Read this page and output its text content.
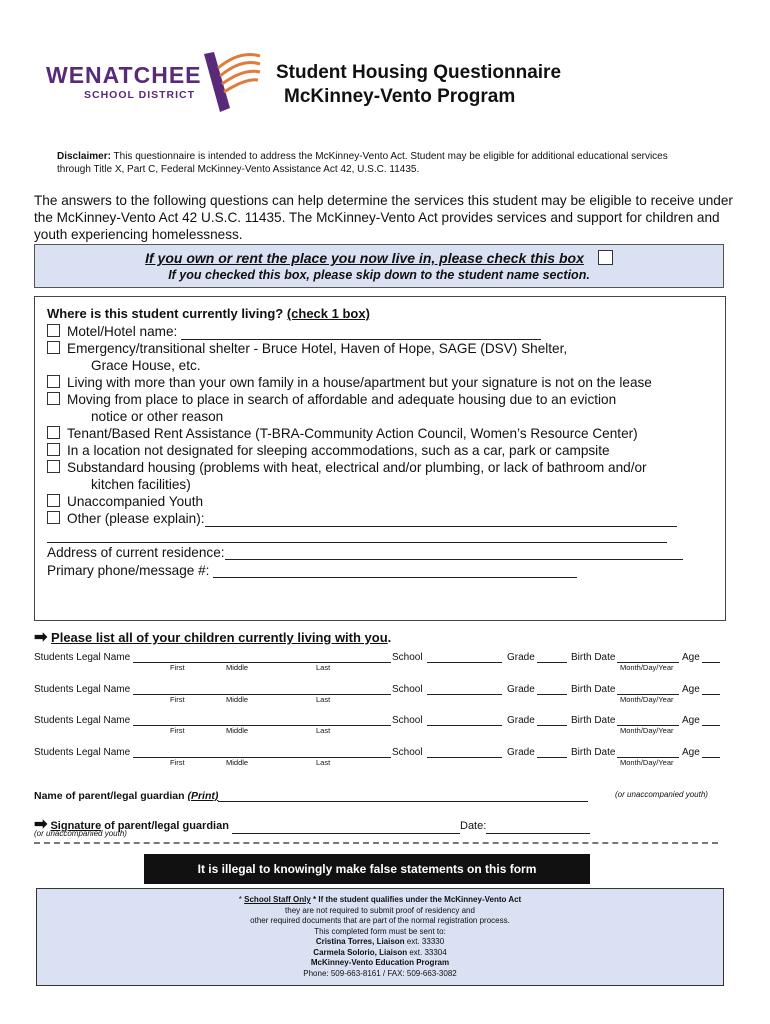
WENATCHEE
SCHOOL DISTRICT
Student Housing Questionnaire
McKinney-Vento Program
Disclaimer: This questionnaire is intended to address the McKinney-Vento Act. Student may be eligible for additional educational services through Title X, Part C, Federal McKinney-Vento Assistance Act 42, U.S.C. 11435.
The answers to the following questions can help determine the services this student may be eligible to receive under the McKinney-Vento Act 42 U.S.C. 11435. The McKinney-Vento Act provides services and support for children and youth experiencing homelessness.
If you own or rent the place you now live in, please check this box
If you checked this box, please skip down to the student name section.
Where is this student currently living? (check 1 box)
Motel/Hotel name:
Emergency/transitional shelter - Bruce Hotel, Haven of Hope, SAGE (DSV) Shelter,
Grace House, etc.
Living with more than your own family in a house/apartment but your signature is not on the lease
Moving from place to place in search of affordable and adequate housing due to an eviction
notice or other reason
Tenant/Based Rent Assistance (T-BRA-Community Action Council, Women’s Resource Center)
In a location not designated for sleeping accommodations, such as a car, park or campsite
Substandard housing (problems with heat, electrical and/or plumbing, or lack of bathroom and/or
kitchen facilities)
Unaccompanied Youth
Other (please explain):
Address of current residence:
Primary phone/message #:
➡ Please list all of your children currently living with you.
Students Legal Name
First	Middle	Last
School	Grade	Birth Date
Month/Day/Year
Age
Students Legal Name
First	Middle	Last
School	Grade	Birth Date
Month/Day/Year
Age
Students Legal Name
First	Middle	Last
School	Grade	Birth Date
Month/Day/Year
Age
Students Legal Name
First	Middle	Last
School	Grade	Birth Date
Month/Day/Year
Age
Name of parent/legal guardian (Print)	(or unaccompanied youth)
➡ Signature of parent/legal guardian	Date:
(or unaccompanied youth)
It is illegal to knowingly make false statements on this form
* School Staff Only * If the student qualifies under the McKinney-Vento Act
they are not required to submit proof of residency and
other required documents that are part of the normal registration process.
This completed form must be sent to:
Cristina Torres, Liaison ext. 33330
Carmela Solorio, Liaison ext. 33304
McKinney-Vento Education Program
Phone: 509-663-8161 / FAX: 509-663-3082
